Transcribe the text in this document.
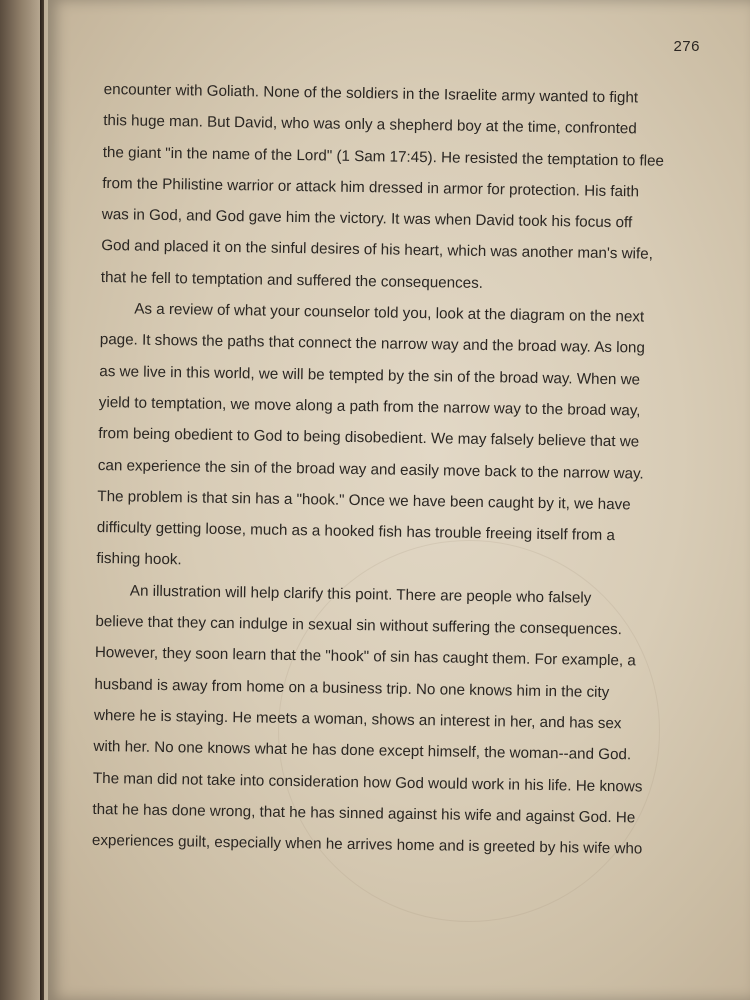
276
encounter with Goliath. None of the soldiers in the Israelite army wanted to fight
this huge man. But David, who was only a shepherd boy at the time, confronted
the giant "in the name of the Lord" (1 Sam 17:45). He resisted the temptation to flee
from the Philistine warrior or attack him dressed in armor for protection. His faith
was in God, and God gave him the victory. It was when David took his focus off
God and placed it on the sinful desires of his heart, which was another man's wife,
that he fell to temptation and suffered the consequences.
As a review of what your counselor told you, look at the diagram on the next
page. It shows the paths that connect the narrow way and the broad way. As long
as we live in this world, we will be tempted by the sin of the broad way. When we
yield to temptation, we move along a path from the narrow way to the broad way,
from being obedient to God to being disobedient. We may falsely believe that we
can experience the sin of the broad way and easily move back to the narrow way.
The problem is that sin has a "hook." Once we have been caught by it, we have
difficulty getting loose, much as a hooked fish has trouble freeing itself from a
fishing hook.
An illustration will help clarify this point. There are people who falsely
believe that they can indulge in sexual sin without suffering the consequences.
However, they soon learn that the "hook" of sin has caught them. For example, a
husband is away from home on a business trip. No one knows him in the city
where he is staying. He meets a woman, shows an interest in her, and has sex
with her. No one knows what he has done except himself, the woman--and God.
The man did not take into consideration how God would work in his life. He knows
that he has done wrong, that he has sinned against his wife and against God. He
experiences guilt, especially when he arrives home and is greeted by his wife who
